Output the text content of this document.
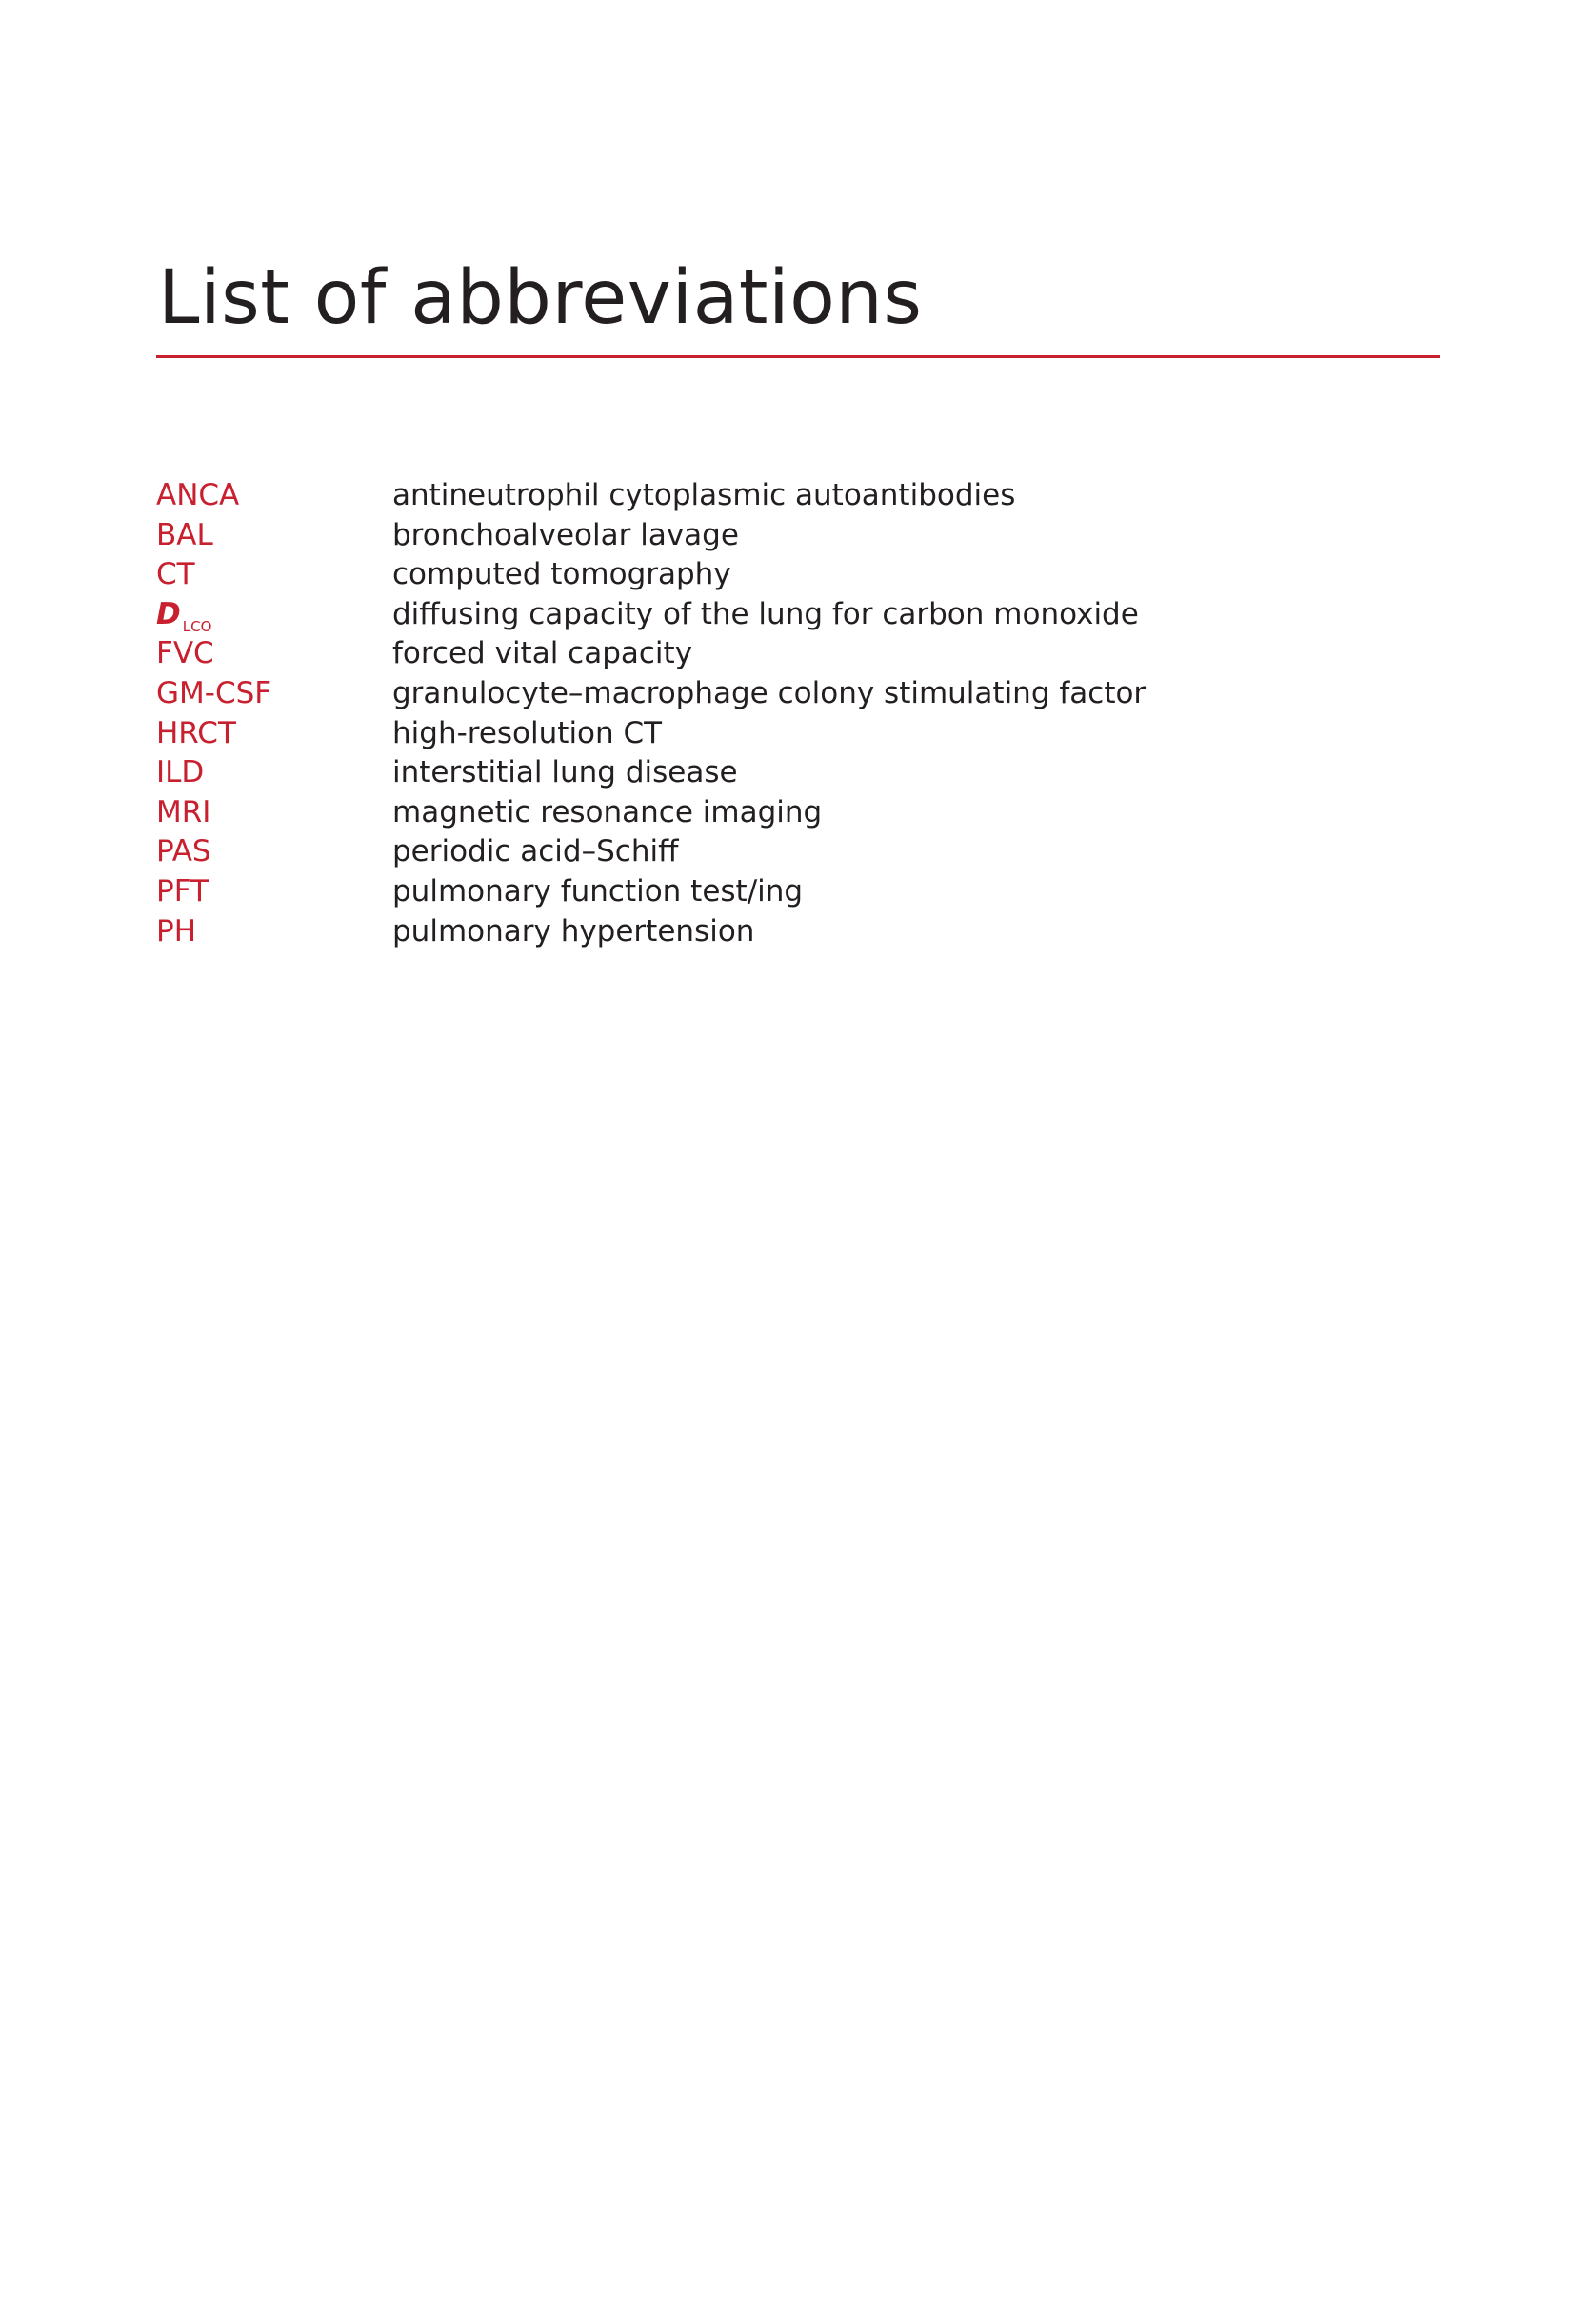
List of abbreviations
ANCA	antineutrophil cytoplasmic autoantibodies
BAL	bronchoalveolar lavage
CT	computed tomography
D $_{LCO}$	diffusing capacity of the lung for carbon monoxide
FVC	forced vital capacity
GM-CSF	granulocyte–macrophage colony stimulating factor
HRCT	high-resolution CT
ILD	interstitial lung disease
MRI	magnetic resonance imaging
PAS	periodic acid–Schiff
PFT	pulmonary function test/ing
PH	pulmonary hypertension
